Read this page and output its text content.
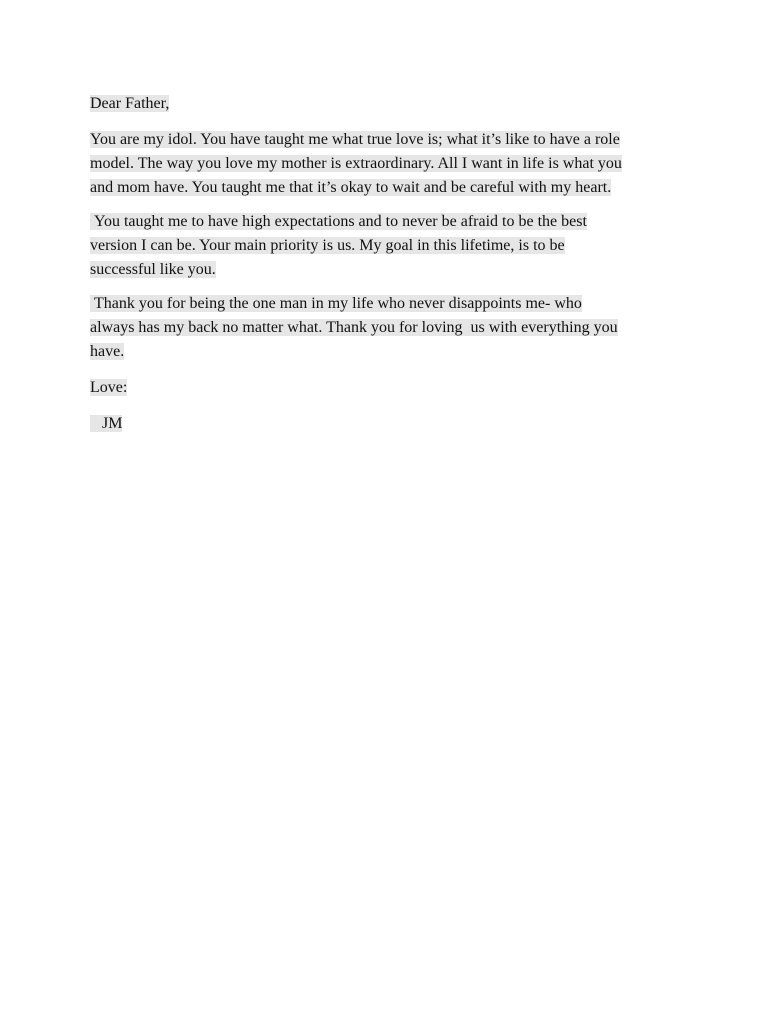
Dear Father,

You are my idol. You have taught me what true love is; what it’s like to have a role
model. The way you love my mother is extraordinary. All I want in life is what you
and mom have. You taught me that it’s okay to wait and be careful with my heart.

You taught me to have high expectations and to never be afraid to be the best
version I can be. Your main priority is us. My goal in this lifetime, is to be
successful like you.

Thank you for being the one man in my life who never disappoints me- who
always has my back no matter what. Thank you for loving  us with everything you
have.

Love:

JM
